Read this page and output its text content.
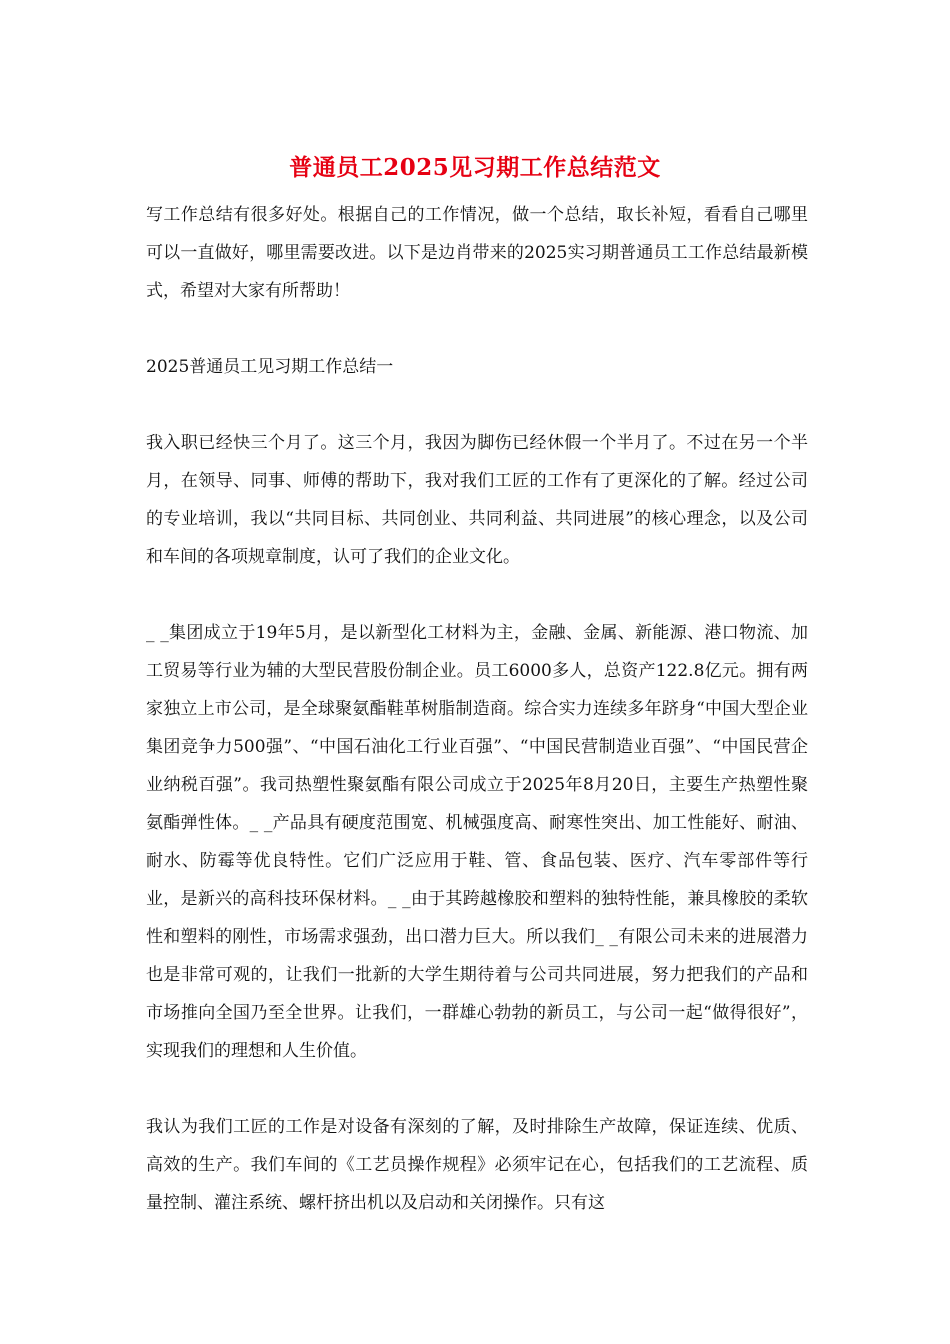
普通员工2025见习期工作总结范文

写工作总结有很多好处。根据自己的工作情况，做一个总结，取长补短，看看自己哪里可以一直做好，哪里需要改进。以下是边肖带来的2025实习期普通员工工作总结最新模式，希望对大家有所帮助！

2025普通员工见习期工作总结一

我入职已经快三个月了。这三个月，我因为脚伤已经休假一个半月了。不过在另一个半月，在领导、同事、师傅的帮助下，我对我们工匠的工作有了更深化的了解。经过公司的专业培训，我以“共同目标、共同创业、共同利益、共同进展”的核心理念，以及公司和车间的各项规章制度，认可了我们的企业文化。

_ _集团成立于19年5月，是以新型化工材料为主，金融、金属、新能源、港口物流、加工贸易等行业为辅的大型民营股份制企业。员工6000多人，总资产122.8亿元。拥有两家独立上市公司，是全球聚氨酯鞋革树脂制造商。综合实力连续多年跻身“中国大型企业集团竞争力500强”、“中国石油化工行业百强”、“中国民营制造业百强”、“中国民营企业纳税百强”。我司热塑性聚氨酯有限公司成立于2025年8月20日，主要生产热塑性聚氨酯弹性体。_ _产品具有硬度范围宽、机械强度高、耐寒性突出、加工性能好、耐油、耐水、防霉等优良特性。它们广泛应用于鞋、管、食品包装、医疗、汽车零部件等行业，是新兴的高科技环保材料。_ _由于其跨越橡胶和塑料的独特性能，兼具橡胶的柔软性和塑料的刚性，市场需求强劲，出口潜力巨大。所以我们_ _有限公司未来的进展潜力也是非常可观的，让我们一批新的大学生期待着与公司共同进展，努力把我们的产品和市场推向全国乃至全世界。让我们，一群雄心勃勃的新员工，与公司一起“做得很好”，实现我们的理想和人生价值。

我认为我们工匠的工作是对设备有深刻的了解，及时排除生产故障，保证连续、优质、高效的生产。我们车间的《工艺员操作规程》必须牢记在心，包括我们的工艺流程、质量控制、灌注系统、螺杆挤出机以及启动和关闭操作。只有这
